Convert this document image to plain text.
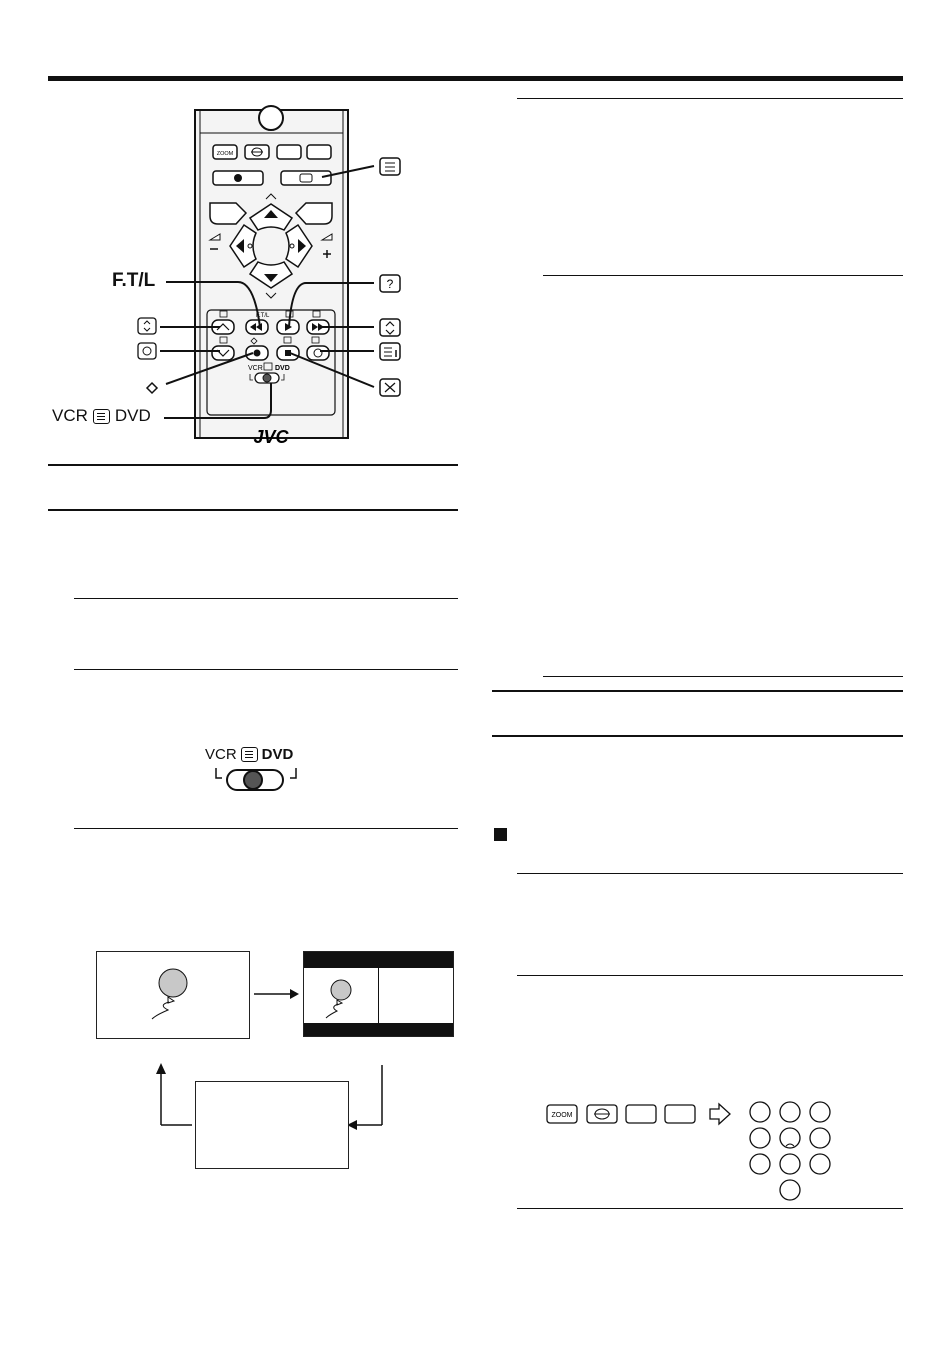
ZOOM
F.T/L
VCR DVD
JVC
?
F.T/L
VCR DVD
VCR DVD
ZOOM
